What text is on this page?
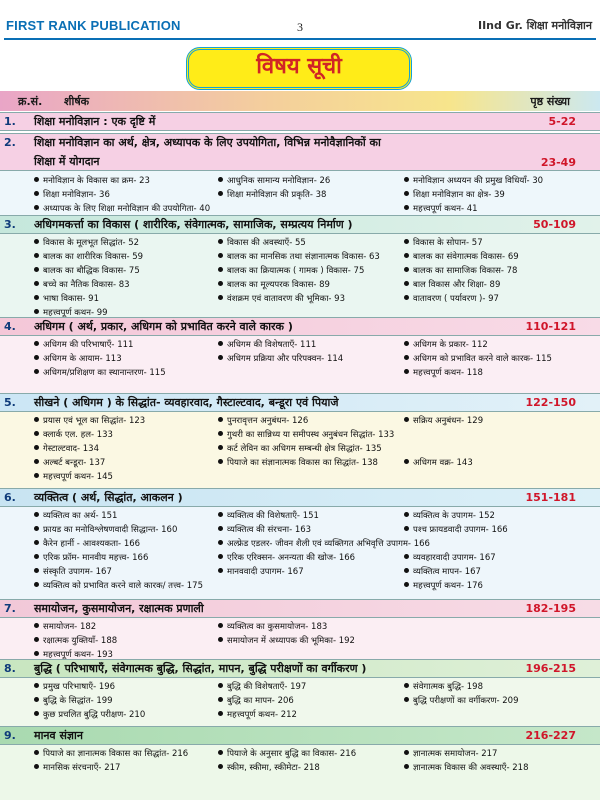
FIRST RANK PUBLICATION	3	IInd Gr. शिक्षा मनोविज्ञान
विषय सूची
क्र.सं. शीर्षक	पृष्ठ संख्या
1. शिक्षा मनोविज्ञान : एक दृष्टि में	5-22
2. शिक्षा मनोविज्ञान का अर्थ, क्षेत्र, अध्यापक के लिए उपयोगिता, विभिन्न मनोवैज्ञानिकों का
शिक्षा में योगदान	23-49
मनोविज्ञान के विकास का क्रम- 23	आधुनिक सामान्य मनोविज्ञान- 26	मनोविज्ञान अध्ययन की प्रमुख विधियाँ- 30
शिक्षा मनोविज्ञान- 36	शिक्षा मनोविज्ञान की प्रकृति- 38	शिक्षा मनोविज्ञान का क्षेत्र- 39
अध्यापक के लिए शिक्षा मनोविज्ञान की उपयोगिता- 40	महत्त्वपूर्ण कथन- 41
3. अधिगमकर्त्ता का विकास ( शारीरिक, संवेगात्मक, सामाजिक, सम्प्रत्यय निर्माण )	50-109
विकास के मूलभूत सिद्धांत- 52	विकास की अवस्थाएँ- 55	विकास के सोपान- 57
बालक का शारीरिक विकास- 59	बालक का मानसिक तथा संज्ञानात्मक विकास- 63	बालक का संवेगात्मक विकास- 69
बालक का बौद्धिक विकास- 75	बालक का क्रियात्मक ( गामक ) विकास- 75	बालक का सामाजिक विकास- 78
बच्चे का नैतिक विकास- 83	बालक का मूल्यपरक विकास- 89	बाल विकास और शिक्षा- 89
भाषा विकास- 91	वंशक्रम एवं वातावरण की भूमिका- 93	वातावरण ( पर्यावरण )- 97
महत्त्वपूर्ण कथन- 99
4. अधिगम ( अर्थ, प्रकार, अधिगम को प्रभावित करने वाले कारक )	110-121
अधिगम की परिभाषाएँ- 111	अधिगम की विशेषताएँ- 111	अधिगम के प्रकार- 112
अधिगम के आयाम- 113	अधिगम प्रक्रिया और परिपक्वन- 114	अधिगम को प्रभावित करने वाले कारक- 115
अधिगम/प्रशिक्षण का स्थानान्तरण- 115	महत्त्वपूर्ण कथन- 118
5. सीखने ( अधिगम ) के सिद्धांत- व्यवहारवाद, गैस्टाल्टवाद, बन्डूरा एवं पियाजे	122-150
प्रयास एवं भूल का सिद्धांत- 123	पुनरावृत्तन अनुबंधन- 126	सक्रिय अनुबंधन- 129
क्लार्क एल. हल- 133	गुथरी का सान्निध्य या समीपस्थ अनुबंधन सिद्धांत- 133
गेस्टाल्टवाद- 134	कर्ट लेविन का अधिगम सम्बन्धी क्षेत्र सिद्धांत- 135
अल्बर्ट बन्डूरा- 137	पियाजे का संज्ञानात्मक विकास का सिद्धांत- 138	अधिगम वक्र- 143
महत्त्वपूर्ण कथन- 145
6. व्यक्तित्व ( अर्थ, सिद्धांत, आकलन )	151-181
व्यक्तित्व का अर्थ- 151	व्यक्तित्व की विशेषताएँ- 151	व्यक्तित्व के उपागम- 152
फ्रायड का मनोविश्लेषणवादी सिद्धान्त- 160	व्यक्तित्व की संरचना- 163	पश्च फ्रायडवादी उपागम- 166
कैरेन हार्नी - आवश्यकता- 166	अल्फ्रेड एडलर- जीवन शैली एवं व्यक्तिगत अभिवृत्ति उपागम- 166
एरिक फ्रॉम- मानवीय महत्त्व- 166	एरिक एरिक्सन- अनन्यता की खोज- 166	व्यवहारवादी उपागम- 167
संस्कृति उपागम- 167	मानववादी उपागम- 167	व्यक्तित्व मापन- 167
व्यक्तित्व को प्रभावित करने वाले कारक/ तत्त्व- 175	महत्त्वपूर्ण कथन- 176
7. समायोजन, कुसमायोजन, रक्षात्मक प्रणाली	182-195
समायोजन- 182	व्यक्तित्व का कुसमायोजन- 183
रक्षात्मक युक्तियाँ- 188	समायोजन में अध्यापक की भूमिका- 192
महत्त्वपूर्ण कथन- 193
8. बुद्धि ( परिभाषाएँ, संवेगात्मक बुद्धि, सिद्धांत, मापन, बुद्धि परीक्षणों का वर्गीकरण )	196-215
प्रमुख परिभाषाएँ- 196	बुद्धि की विशेषताएँ- 197	संवेगात्मक बुद्धि- 198
बुद्धि के सिद्धांत- 199	बुद्धि का मापन- 206	बुद्धि परीक्षणों का वर्गीकरण- 209
कुछ प्रचलित बुद्धि परीक्षण- 210	महत्त्वपूर्ण कथन- 212
9. मानव संज्ञान	216-227
पियाजे का ज्ञानात्मक विकास का सिद्धांत- 216	पियाजे के अनुसार बुद्धि का विकास- 216	ज्ञानात्मक समायोजन- 217
मानसिक संरचनाएँ- 217	स्कीम, स्कीमा, स्कीमेटा- 218	ज्ञानात्मक विकास की अवस्थाएँ- 218
